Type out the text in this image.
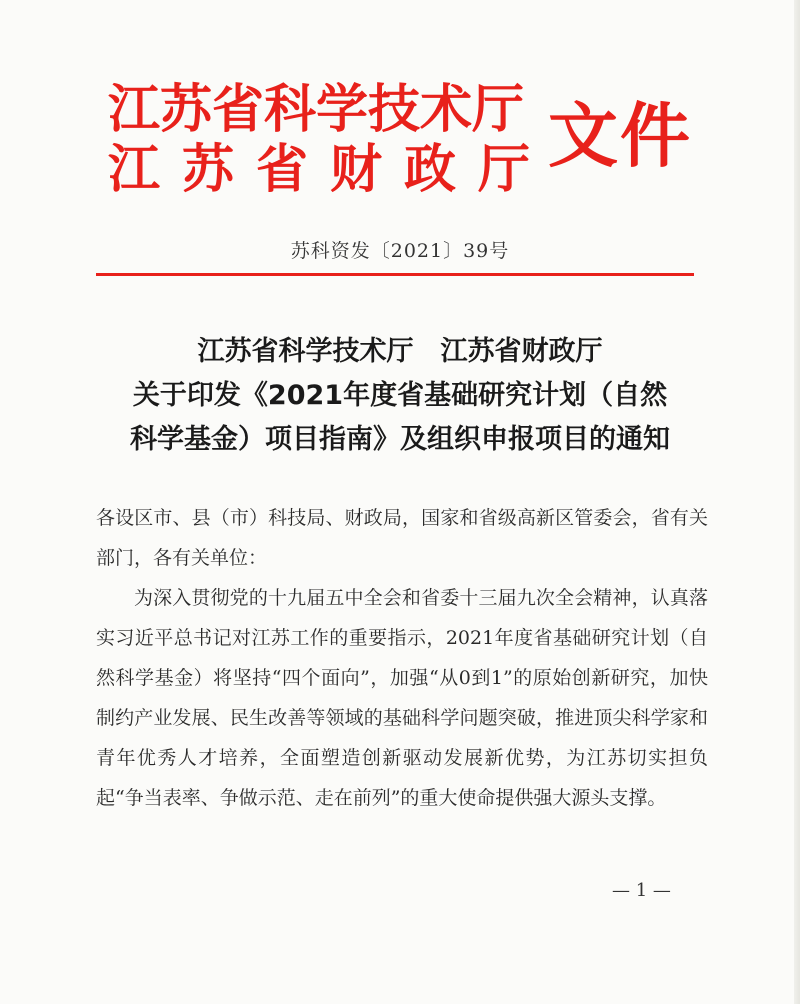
江苏省科学技术厅
江苏省财政厅
文件
苏科资发〔2021〕39号
江苏省科学技术厅　江苏省财政厅
关于印发《2021年度省基础研究计划（自然
科学基金）项目指南》及组织申报项目的通知

各设区市、县（市）科技局、财政局，国家和省级高新区管委会，省有关部门，各有关单位：

为深入贯彻党的十九届五中全会和省委十三届九次全会精神，认真落实习近平总书记对江苏工作的重要指示，2021年度省基础研究计划（自然科学基金）将坚持“四个面向”，加强“从0到1”的原始创新研究，加快制约产业发展、民生改善等领域的基础科学问题突破，推进顶尖科学家和青年优秀人才培养，全面塑造创新驱动发展新优势，为江苏切实担负起“争当表率、争做示范、走在前列”的重大使命提供强大源头支撑。

— 1 —
